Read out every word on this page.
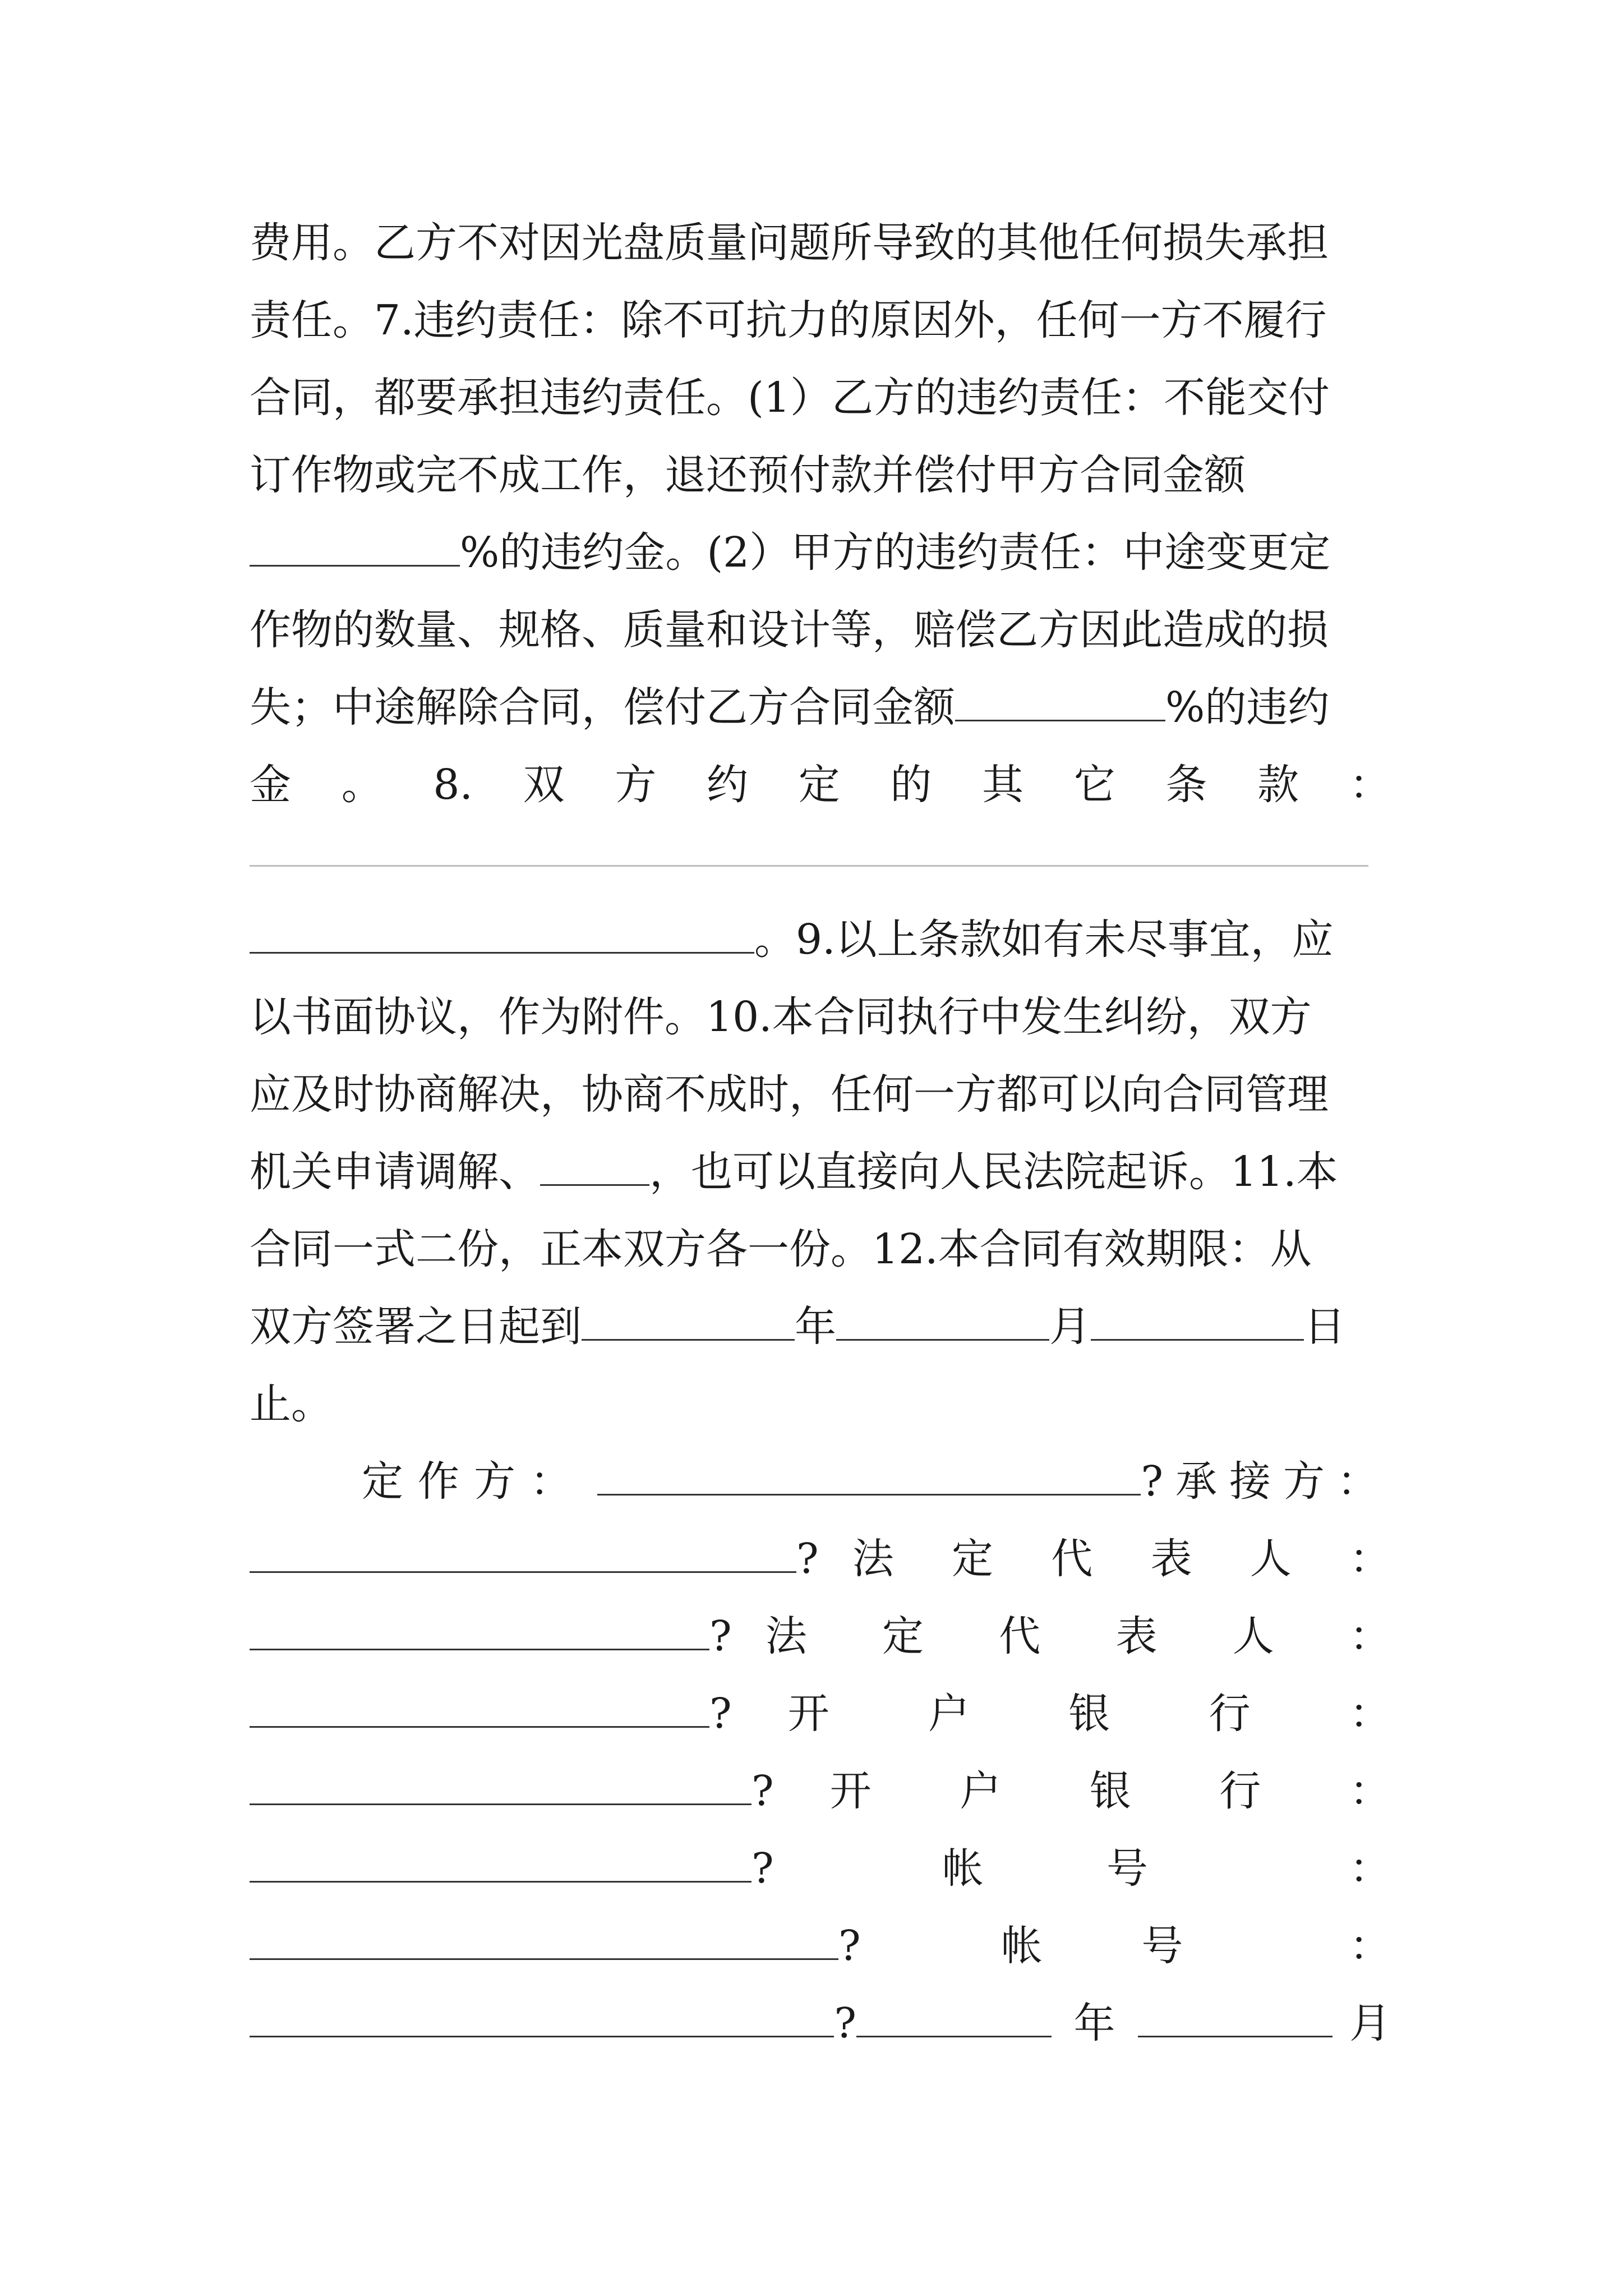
费用。乙方不对因光盘质量问题所导致的其他任何损失承担
责任。7.违约责任：除不可抗力的原因外，任何一方不履行
合同，都要承担违约责任。(1）乙方的违约责任：不能交付
订作物或完不成工作，退还预付款并偿付甲方合同金额
%的违约金。(2）甲方的违约责任：中途变更定
作物的数量、规格、质量和设计等，赔偿乙方因此造成的损
失；中途解除合同，偿付乙方合同金额	%的违约
金 。 8. 双 方 约 定 的 其 它 条 款 ：
。9.以上条款如有未尽事宜，应
以书面协议，作为附件。10.本合同执行中发生纠纷，双方
应及时协商解决，协商不成时，任何一方都可以向合同管理
机关申请调解、	，也可以直接向人民法院起诉。11.本
合同一式二份，正本双方各一份。12.本合同有效期限：从
双方签署之日起到	年	月	日
止。
定作方：	?承接方：
? 法 定 代 表 人 ：
? 法 定 代 表 人 ：
? 开 户 银 行 ：
? 开 户 银 行 ：
?	帐	号	：
?	帐 号	：
?	年	月
